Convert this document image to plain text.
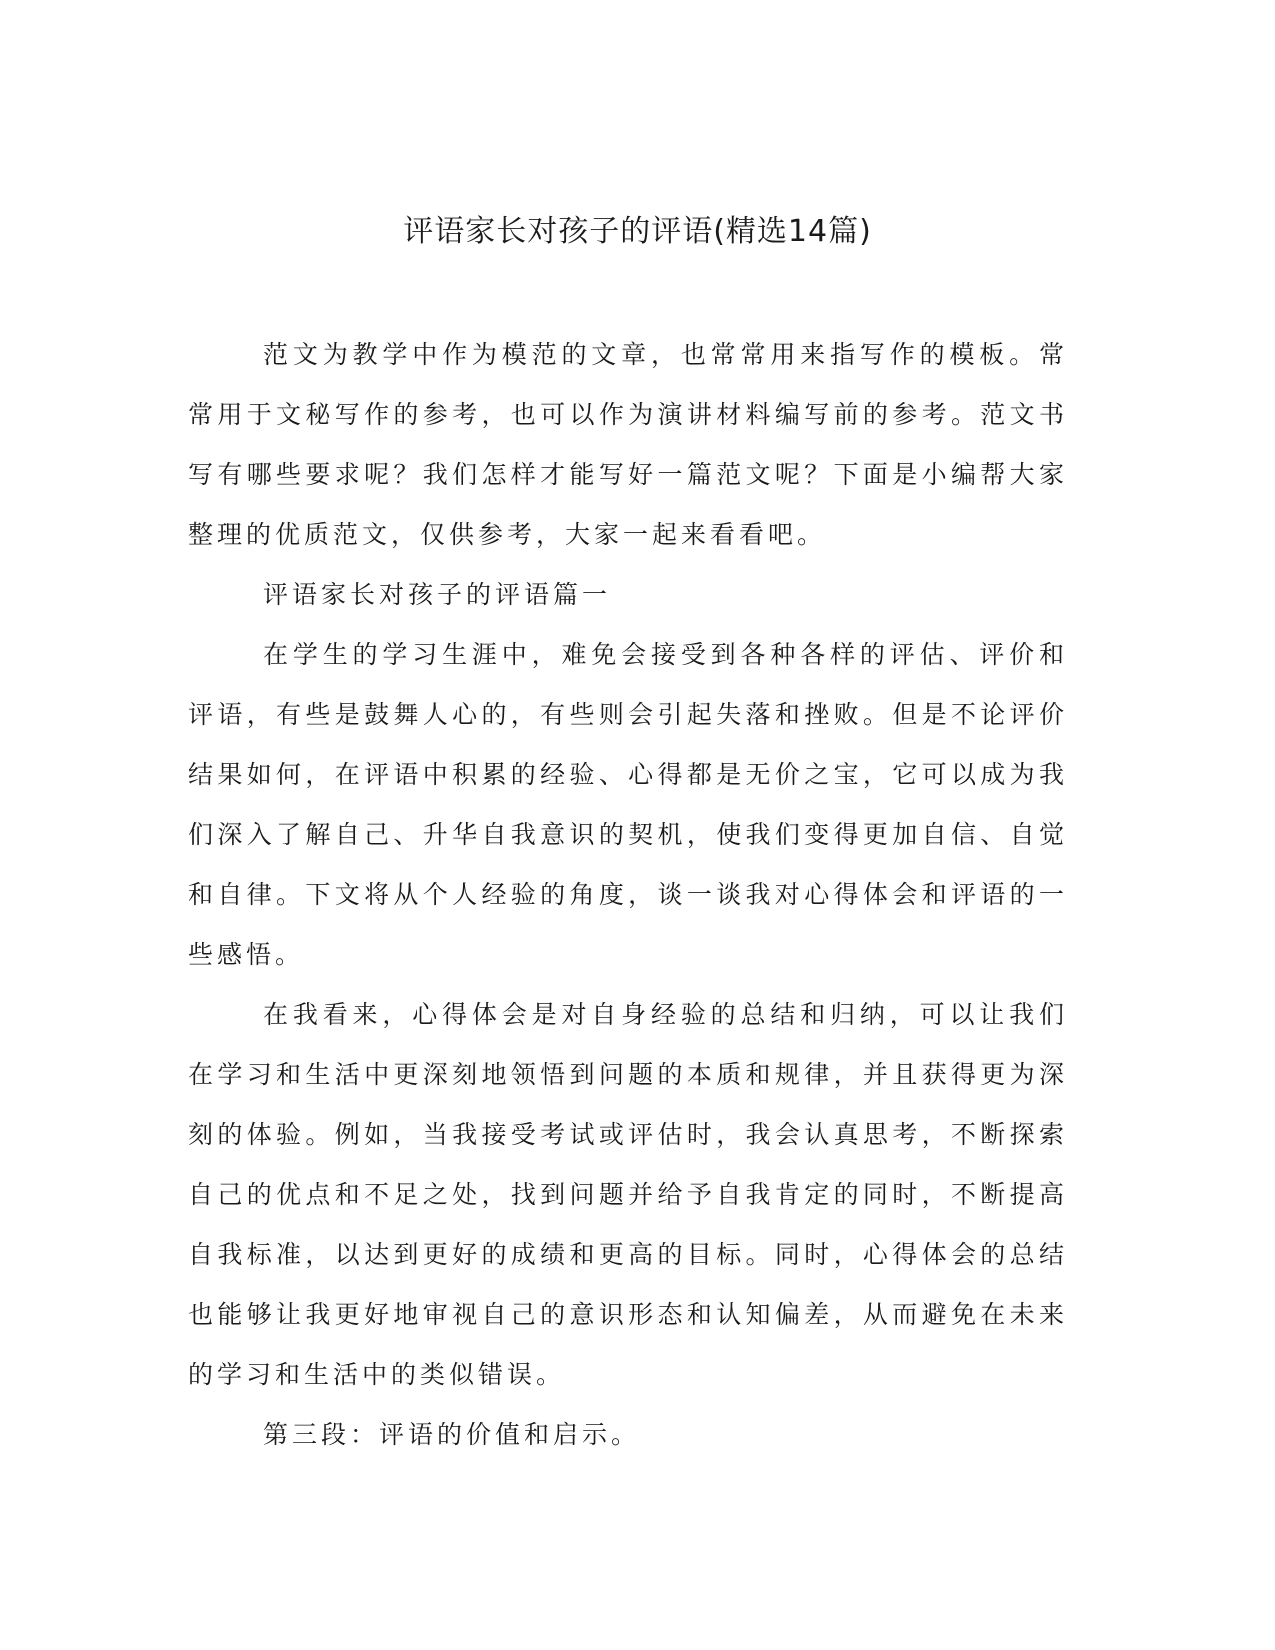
评语家长对孩子的评语(精选14篇)

范文为教学中作为模范的文章，也常常用来指写作的模板。常常用于文秘写作的参考，也可以作为演讲材料编写前的参考。范文书写有哪些要求呢？我们怎样才能写好一篇范文呢？下面是小编帮大家整理的优质范文，仅供参考，大家一起来看看吧。

评语家长对孩子的评语篇一

在学生的学习生涯中，难免会接受到各种各样的评估、评价和评语，有些是鼓舞人心的，有些则会引起失落和挫败。但是不论评价结果如何，在评语中积累的经验、心得都是无价之宝，它可以成为我们深入了解自己、升华自我意识的契机，使我们变得更加自信、自觉和自律。下文将从个人经验的角度，谈一谈我对心得体会和评语的一些感悟。

在我看来，心得体会是对自身经验的总结和归纳，可以让我们在学习和生活中更深刻地领悟到问题的本质和规律，并且获得更为深刻的体验。例如，当我接受考试或评估时，我会认真思考，不断探索自己的优点和不足之处，找到问题并给予自我肯定的同时，不断提高自我标准，以达到更好的成绩和更高的目标。同时，心得体会的总结也能够让我更好地审视自己的意识形态和认知偏差，从而避免在未来的学习和生活中的类似错误。

第三段：评语的价值和启示。
